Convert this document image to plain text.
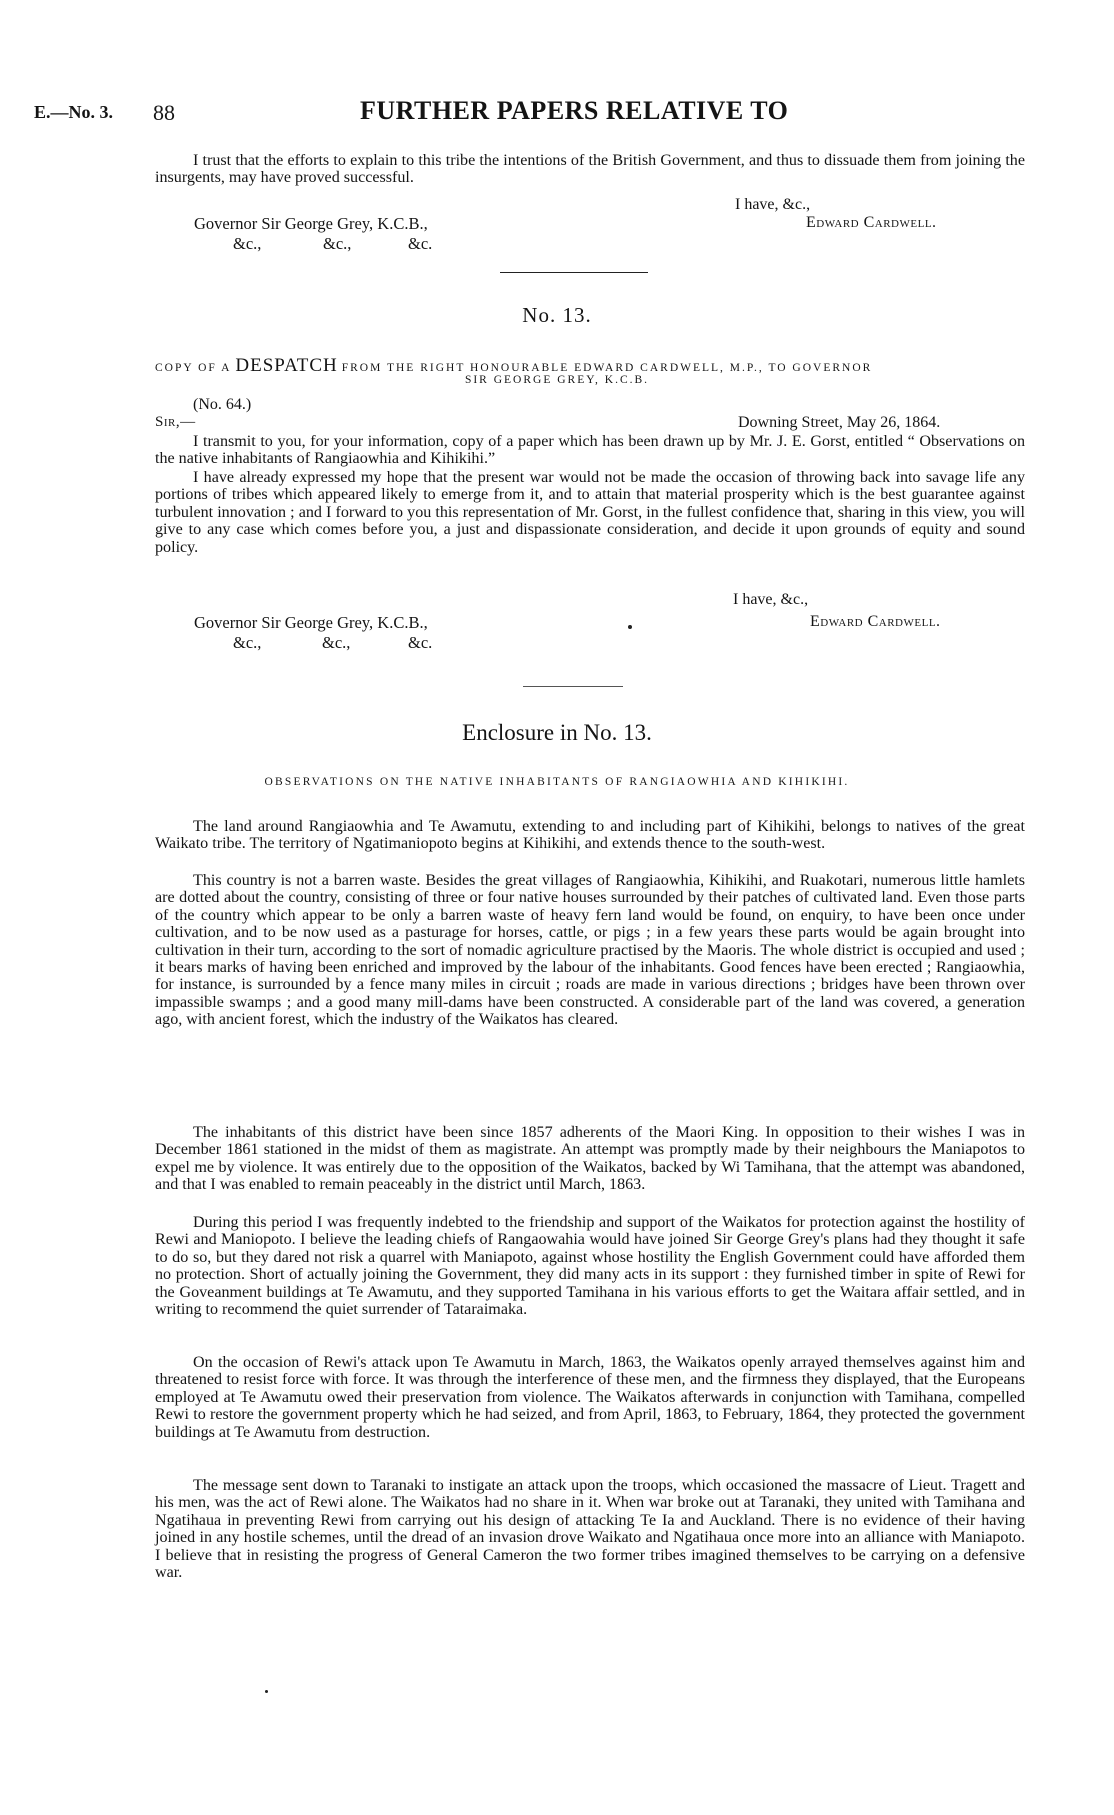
E.—No. 3. 88	FURTHER PAPERS RELATIVE TO

I trust that the efforts to explain to this tribe the intentions of the British Government, and thus to dissuade them from joining the insurgents, may have proved successful.

I have, &c.,
Governor Sir George Grey, K.C.B.,	Edward Cardwell.
&c.,	&c.,	&c.
No. 13.
COPY OF A DESPATCH FROM THE RIGHT HONOURABLE EDWARD CARDWELL, M.P., TO GOVERNOR
SIR GEORGE GREY, K.C.B.
(No. 64.)
Sir,—	Downing Street, May 26, 1864.

I transmit to you, for your information, copy of a paper which has been drawn up by Mr. J. E. Gorst, entitled “ Observations on the native inhabitants of Rangiaowhia and Kihikihi.”

I have already expressed my hope that the present war would not be made the occasion of throwing back into savage life any portions of tribes which appeared likely to emerge from it, and to attain that material prosperity which is the best guarantee against turbulent innovation ; and I forward to you this representation of Mr. Gorst, in the fullest confidence that, sharing in this view, you will give to any case which comes before you, a just and dispassionate consideration, and decide it upon grounds of equity and sound policy.

I have, &c.,
Governor Sir George Grey, K.C.B.,	Edward Cardwell.
&c.,	&c.,	&c.
Enclosure in No. 13.
OBSERVATIONS ON THE NATIVE INHABITANTS OF RANGIAOWHIA AND KIHIKIHI.

The land around Rangiaowhia and Te Awamutu, extending to and including part of Kihikihi, belongs to natives of the great Waikato tribe. The territory of Ngatimaniopoto begins at Kihikihi, and extends thence to the south-west.

This country is not a barren waste. Besides the great villages of Rangiaowhia, Kihikihi, and Ruakotari, numerous little hamlets are dotted about the country, consisting of three or four native houses surrounded by their patches of cultivated land. Even those parts of the country which appear to be only a barren waste of heavy fern land would be found, on enquiry, to have been once under cultivation, and to be now used as a pasturage for horses, cattle, or pigs ; in a few years these parts would be again brought into cultivation in their turn, according to the sort of nomadic agriculture practised by the Maoris. The whole district is occupied and used ; it bears marks of having been enriched and improved by the labour of the inhabitants. Good fences have been erected ; Rangiaowhia, for instance, is surrounded by a fence many miles in circuit ; roads are made in various directions ; bridges have been thrown over impassible swamps ; and a good many mill-dams have been constructed. A considerable part of the land was covered, a generation ago, with ancient forest, which the industry of the Waikatos has cleared.

The inhabitants of this district have been since 1857 adherents of the Maori King. In opposition to their wishes I was in December 1861 stationed in the midst of them as magistrate. An attempt was promptly made by their neighbours the Maniapotos to expel me by violence. It was entirely due to the opposition of the Waikatos, backed by Wi Tamihana, that the attempt was abandoned, and that I was enabled to remain peaceably in the district until March, 1863.

During this period I was frequently indebted to the friendship and support of the Waikatos for protection against the hostility of Rewi and Maniopoto. I believe the leading chiefs of Rangaowahia would have joined Sir George Grey's plans had they thought it safe to do so, but they dared not risk a quarrel with Maniapoto, against whose hostility the English Government could have afforded them no protection. Short of actually joining the Government, they did many acts in its support : they furnished timber in spite of Rewi for the Goveanment buildings at Te Awamutu, and they supported Tamihana in his various efforts to get the Waitara affair settled, and in writing to recommend the quiet surrender of Tataraimaka.

On the occasion of Rewi's attack upon Te Awamutu in March, 1863, the Waikatos openly arrayed themselves against him and threatened to resist force with force. It was through the interference of these men, and the firmness they displayed, that the Europeans employed at Te Awamutu owed their preservation from violence. The Waikatos afterwards in conjunction with Tamihana, compelled Rewi to restore the government property which he had seized, and from April, 1863, to February, 1864, they protected the government buildings at Te Awamutu from destruction.

The message sent down to Taranaki to instigate an attack upon the troops, which occasioned the massacre of Lieut. Tragett and his men, was the act of Rewi alone. The Waikatos had no share in it. When war broke out at Taranaki, they united with Tamihana and Ngatihaua in preventing Rewi from carrying out his design of attacking Te Ia and Auckland. There is no evidence of their having joined in any hostile schemes, until the dread of an invasion drove Waikato and Ngatihaua once more into an alliance with Maniapoto. I believe that in resisting the progress of General Cameron the two former tribes imagined themselves to be carrying on a defensive war.
